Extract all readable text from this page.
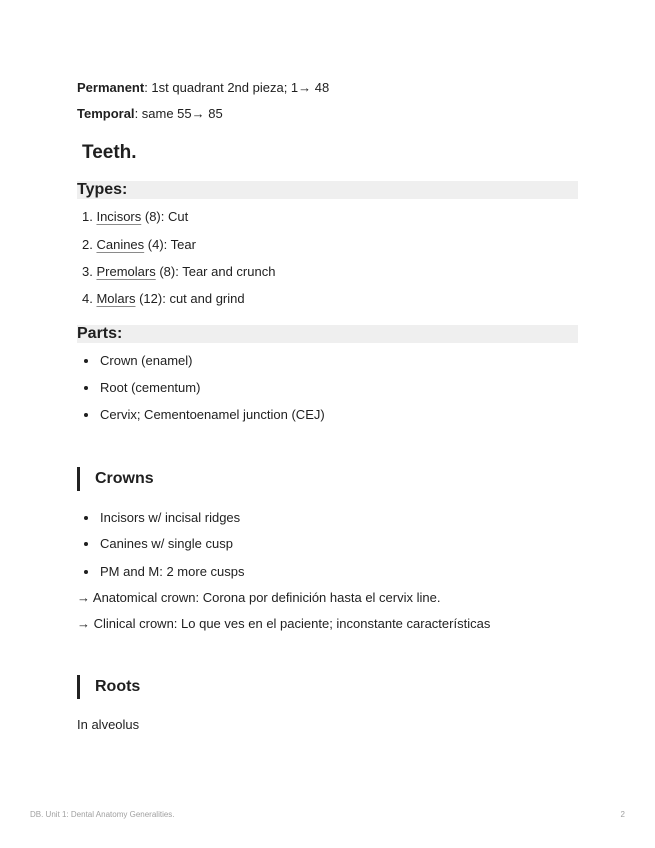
Permanent: 1st quadrant 2nd pieza; 1→ 48
Temporal: same 55→ 85
Teeth.
Types:
1. Incisors (8): Cut
2. Canines (4): Tear
3. Premolars (8): Tear and crunch
4. Molars (12): cut and grind
Parts:
Crown (enamel)
Root (cementum)
Cervix; Cementoenamel junction (CEJ)
Crowns
Incisors w/ incisal ridges
Canines w/ single cusp
PM and M: 2 more cusps
→ Anatomical crown: Corona por definición hasta el cervix line.
→ Clinical crown: Lo que ves en el paciente; inconstante características
Roots
In alveolus
DB. Unit 1: Dental Anatomy Generalities.	2
